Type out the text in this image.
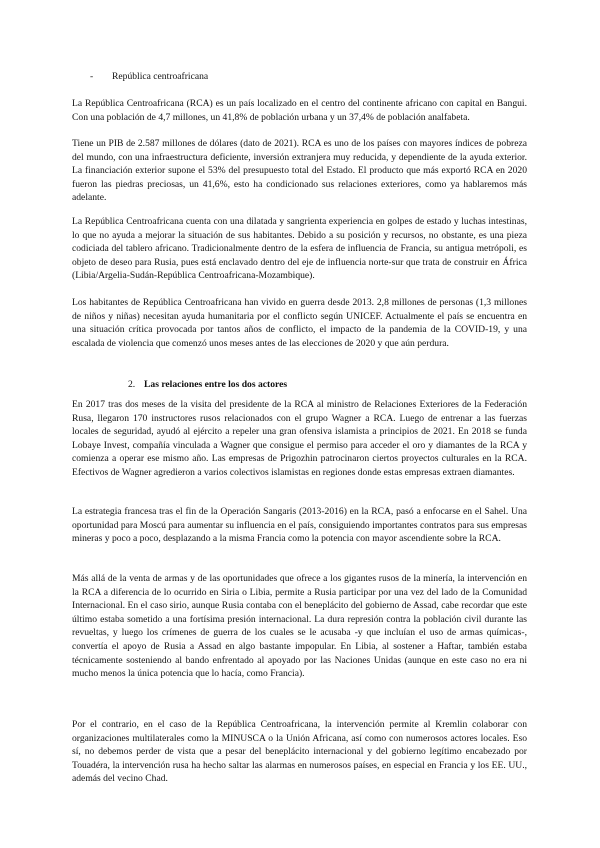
- República centroafricana

La República Centroafricana (RCA) es un país localizado en el centro del continente africano con capital en Bangui. Con una población de 4,7 millones, un 41,8% de población urbana y un 37,4% de población analfabeta.

Tiene un PIB de 2.587 millones de dólares (dato de 2021). RCA es uno de los países con mayores índices de pobreza del mundo, con una infraestructura deficiente, inversión extranjera muy reducida, y dependiente de la ayuda exterior. La financiación exterior supone el 53% del presupuesto total del Estado. El producto que más exportó RCA en 2020 fueron las piedras preciosas, un 41,6%, esto ha condicionado sus relaciones exteriores, como ya hablaremos más adelante.

La República Centroafricana cuenta con una dilatada y sangrienta experiencia en golpes de estado y luchas intestinas, lo que no ayuda a mejorar la situación de sus habitantes. Debido a su posición y recursos, no obstante, es una pieza codiciada del tablero africano. Tradicionalmente dentro de la esfera de influencia de Francia, su antigua metrópoli, es objeto de deseo para Rusia, pues está enclavado dentro del eje de influencia norte-sur que trata de construir en África (Libia/Argelia-Sudán-República Centroafricana-Mozambique).

Los habitantes de República Centroafricana han vivido en guerra desde 2013. 2,8 millones de personas (1,3 millones de niños y niñas) necesitan ayuda humanitaria por el conflicto según UNICEF. Actualmente el país se encuentra en una situación crítica provocada por tantos años de conflicto, el impacto de la pandemia de la COVID-19, y una escalada de violencia que comenzó unos meses antes de las elecciones de 2020 y que aún perdura.

2. Las relaciones entre los dos actores

En 2017 tras dos meses de la visita del presidente de la RCA al ministro de Relaciones Exteriores de la Federación Rusa, llegaron 170 instructores rusos relacionados con el grupo Wagner a RCA. Luego de entrenar a las fuerzas locales de seguridad, ayudó al ejército a repeler una gran ofensiva islamista a principios de 2021. En 2018 se funda Lobaye Invest, compañía vinculada a Wagner que consigue el permiso para acceder el oro y diamantes de la RCA y comienza a operar ese mismo año. Las empresas de Prigozhin patrocinaron ciertos proyectos culturales en la RCA. Efectivos de Wagner agredieron a varios colectivos islamistas en regiones donde estas empresas extraen diamantes.

La estrategia francesa tras el fin de la Operación Sangaris (2013-2016) en la RCA, pasó a enfocarse en el Sahel. Una oportunidad para Moscú para aumentar su influencia en el país, consiguiendo importantes contratos para sus empresas mineras y poco a poco, desplazando a la misma Francia como la potencia con mayor ascendiente sobre la RCA.

Más allá de la venta de armas y de las oportunidades que ofrece a los gigantes rusos de la minería, la intervención en la RCA a diferencia de lo ocurrido en Siria o Libia, permite a Rusia participar por una vez del lado de la Comunidad Internacional. En el caso sirio, aunque Rusia contaba con el beneplácito del gobierno de Assad, cabe recordar que este último estaba sometido a una fortísima presión internacional. La dura represión contra la población civil durante las revueltas, y luego los crímenes de guerra de los cuales se le acusaba -y que incluían el uso de armas químicas-, convertía el apoyo de Rusia a Assad en algo bastante impopular. En Libia, al sostener a Haftar, también estaba técnicamente sosteniendo al bando enfrentado al apoyado por las Naciones Unidas (aunque en este caso no era ni mucho menos la única potencia que lo hacía, como Francia).

Por el contrario, en el caso de la República Centroafricana, la intervención permite al Kremlin colaborar con organizaciones multilaterales como la MINUSCA o la Unión Africana, así como con numerosos actores locales. Eso sí, no debemos perder de vista que a pesar del beneplácito internacional y del gobierno legítimo encabezado por Touadéra, la intervención rusa ha hecho saltar las alarmas en numerosos países, en especial en Francia y los EE. UU., además del vecino Chad.
